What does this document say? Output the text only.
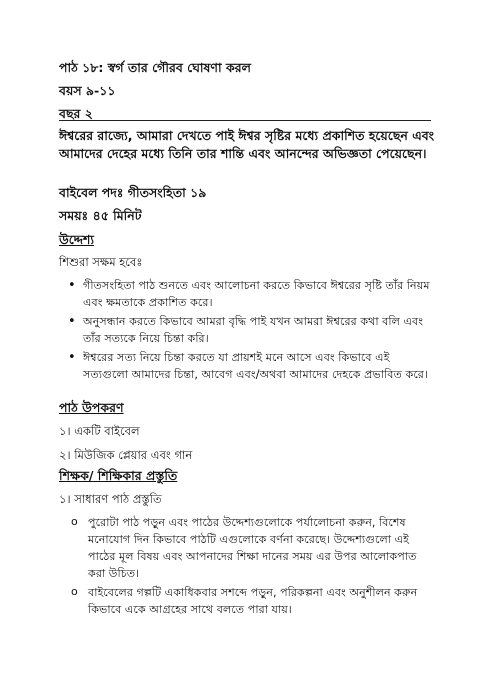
পাঠ ১৮: স্বর্গ তার গৌরব ঘোষণা করল

বয়স ৯-১১

বছর ২

ঈশ্বরের রাজ্যে, আমারা দেখতে পাই ঈশ্বর সৃষ্টির মধ্যে প্রকাশিত হয়েছেন এবং আমাদের দেহের মধ্যে তিনি তার শান্তি এবং আনন্দের অভিজ্ঞতা পেয়েছেন।

বাইবেল পদঃ গীতসংহিতা ১৯

সময়ঃ ৪৫ মিনিট

উদ্দেশ্য

শিশুরা সক্ষম হবেঃ

• গীতসংহিতা পাঠ শুনতে এবং আলোচনা করতে কিভাবে ঈশ্বরের সৃষ্টি তাঁর নিয়ম এবং ক্ষমতাকে প্রকাশিত করে।
• অনুসন্ধান করতে কিভাবে আমরা বৃদ্ধি পাই যখন আমরা ঈশ্বরের কথা বলি এবং তাঁর সত্যকে নিয়ে চিন্তা করি।
• ঈশ্বরের সত্য নিয়ে চিন্তা করতে যা প্রায়শই মনে আসে এবং কিভাবে এই সত্যগুলো আমাদের চিন্তা, আবেগ এবং/অথবা আমাদের দেহকে প্রভাবিত করে।

পাঠ উপকরণ

১। একটি বাইবেল

২। মিউজিক প্লেয়ার এবং গান

শিক্ষক/ শিক্ষিকার প্রস্তুতি

১। সাধারণ পাঠ প্রস্তুতি

o পুরোটা পাঠ পড়ুন এবং পাঠের উদ্দেশ্যগুলোকে পর্যালোচনা করুন, বিশেষ মনোযোগ দিন কিভাবে পাঠটি এগুলোকে বর্ণনা করেছে। উদ্দেশ্যগুলো এই পাঠের মূল বিষয় এবং আপনাদের শিক্ষা দানের সময় এর উপর আলোকপাত করা উচিত।
o বাইবেলের গল্পটি একাধিকবার সশব্দে পড়ুন, পরিকল্পনা এবং অনুশীলন করুন কিভাবে একে আগ্রহের সাথে বলতে পারা যায়।
